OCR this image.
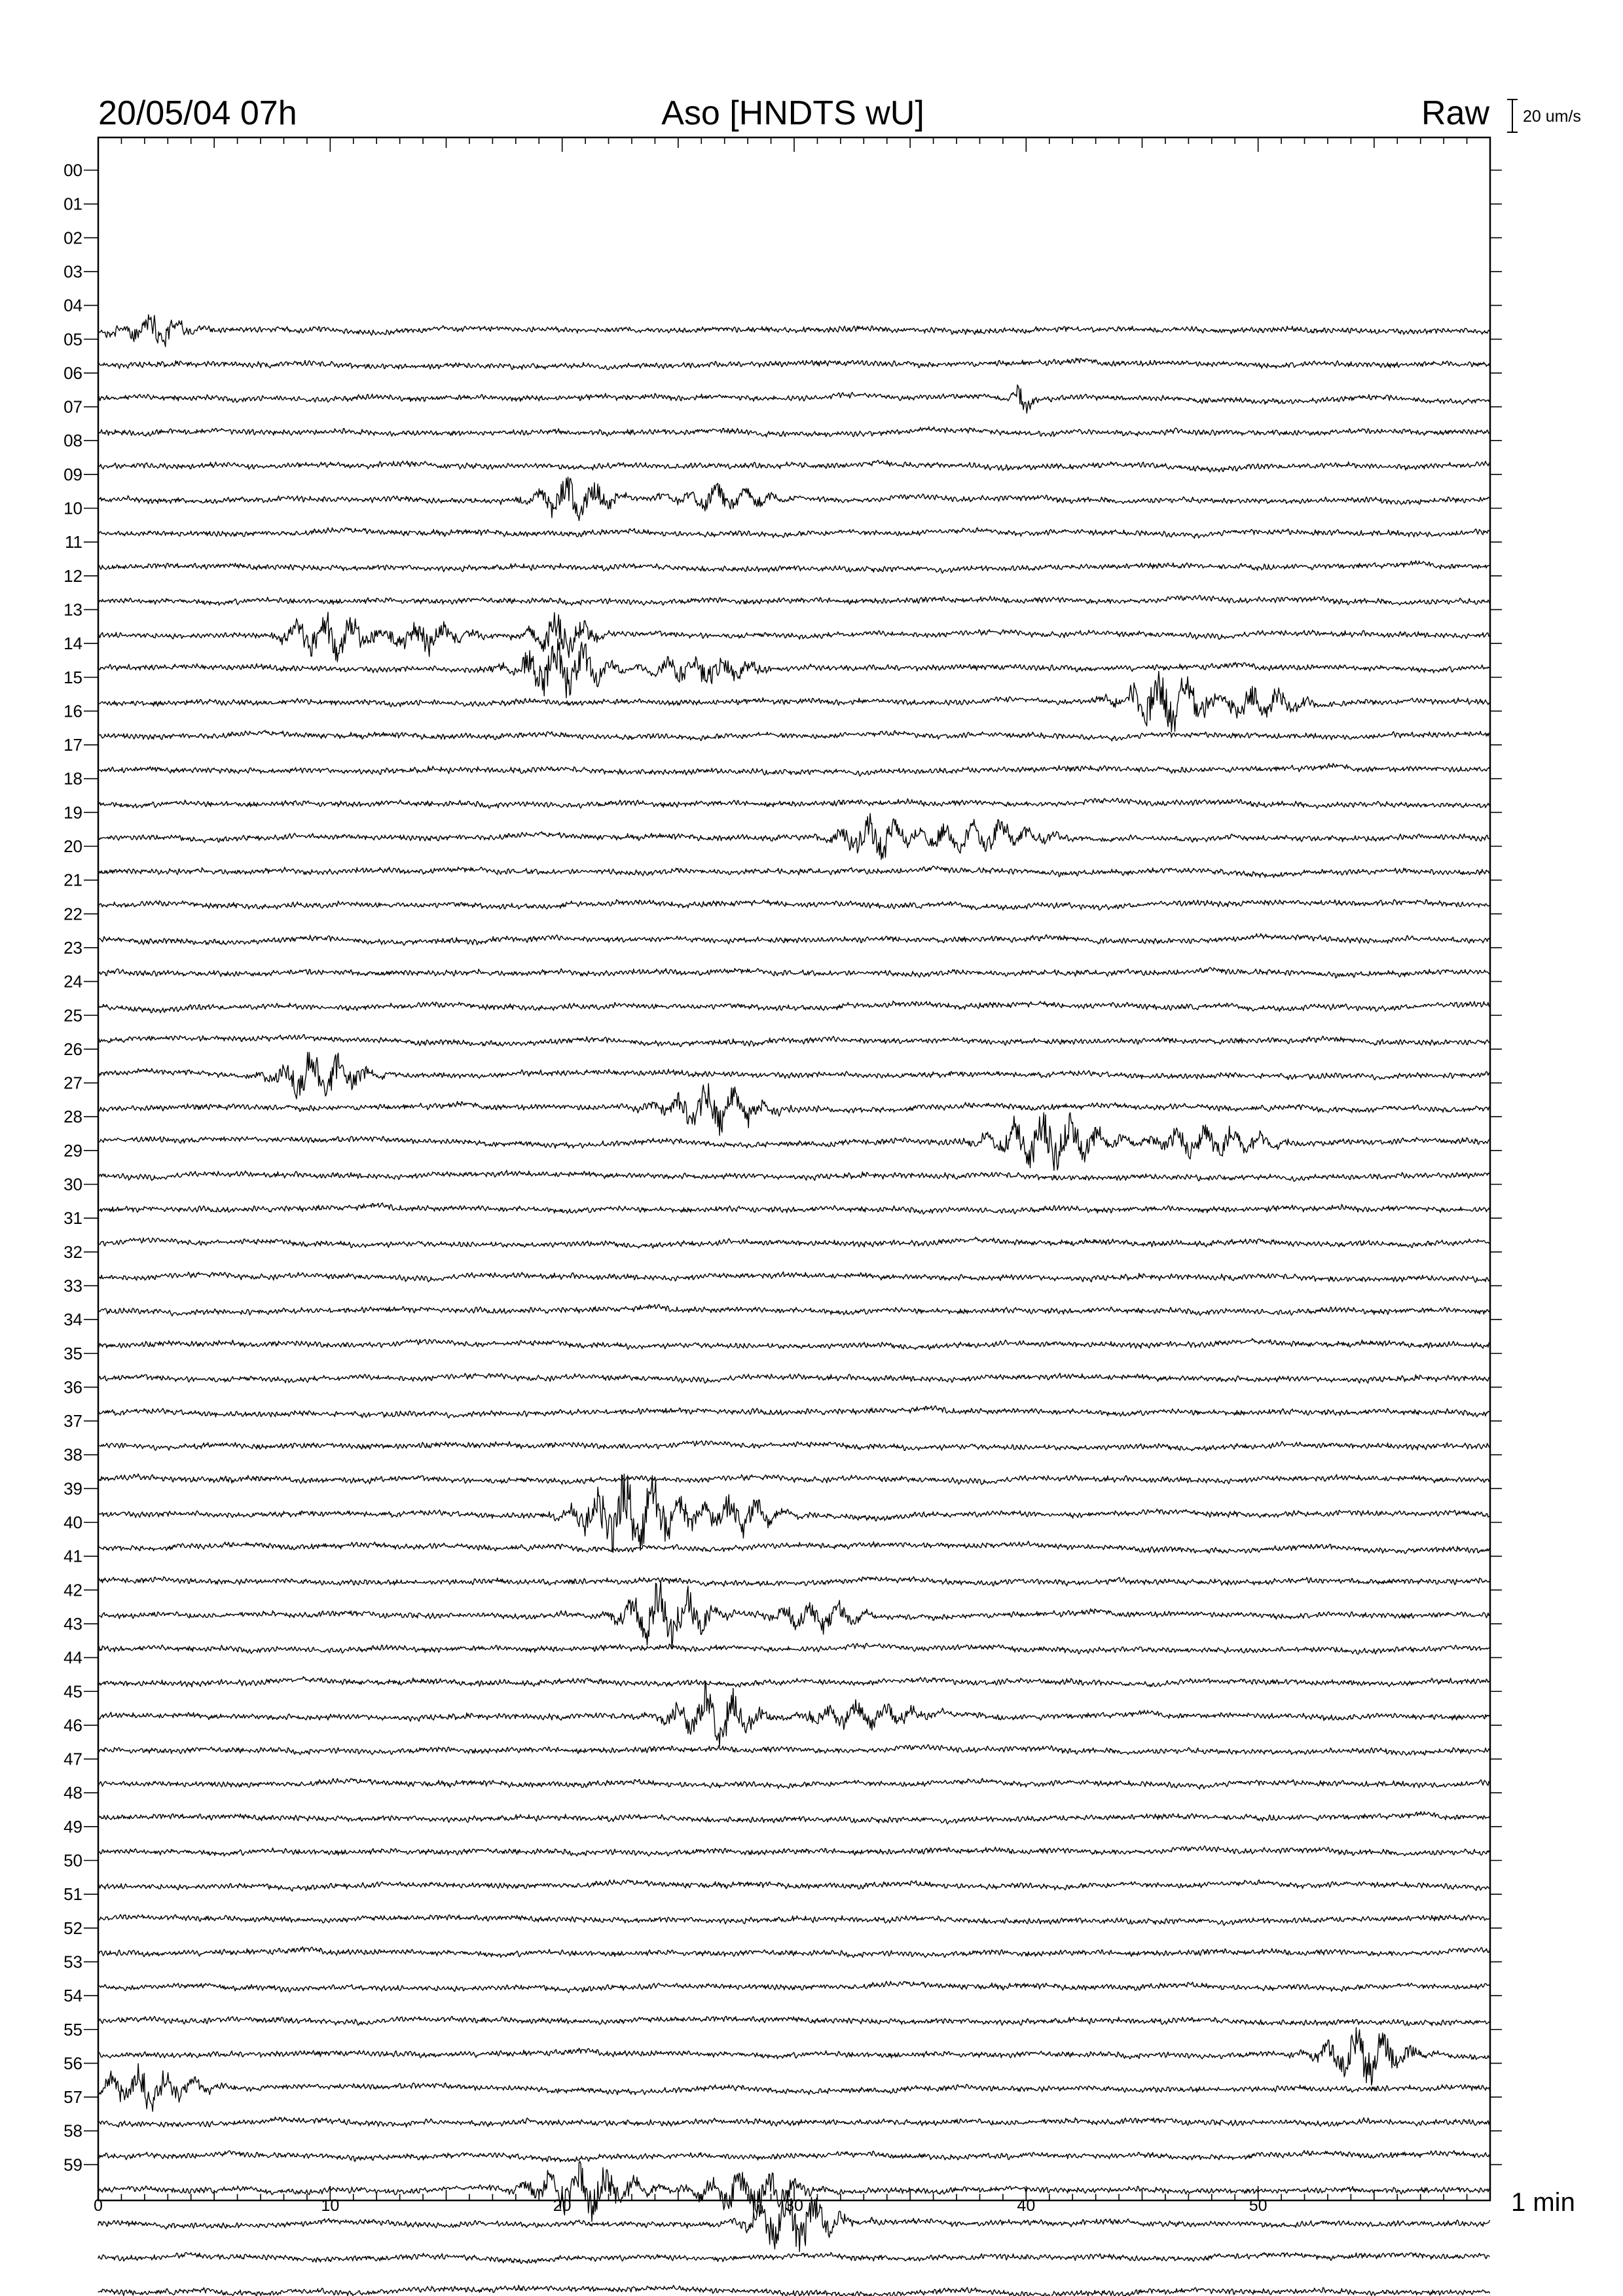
20/05/04 07h	Aso [HNDTS wU]	Raw 20 um/s
00
01
02
03
04
05
06
07
08
09
10
11
12
13
14
15
16
17
18
19
20
21
22
23
24
25
26
27
28
29
30
31
32
33
34
35
36
37
38
39
40
41
42
43
44
45
46
47
48
49
50
51
52
53
54
55
56
57
58
59
0	10	20	30	40	50	1 min
